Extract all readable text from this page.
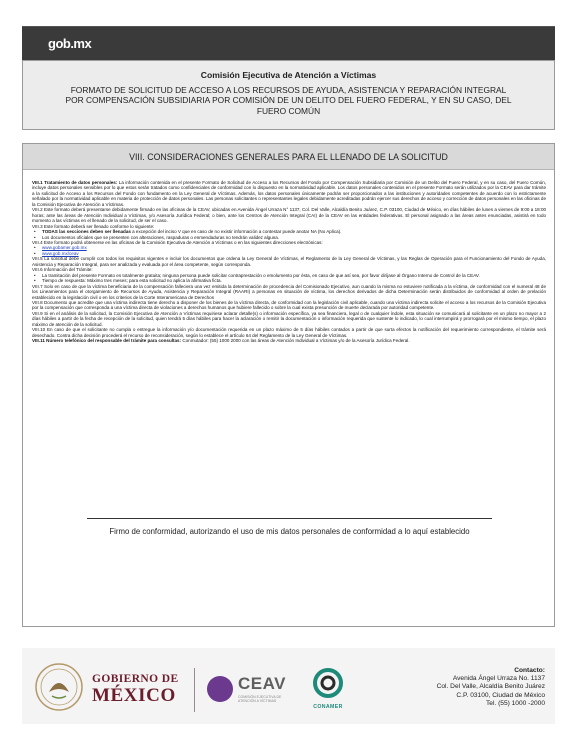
gob.mx
Comisión Ejecutiva de Atención a Víctimas
FORMATO DE SOLICITUD DE ACCESO A LOS RECURSOS DE AYUDA, ASISTENCIA Y REPARACIÓN INTEGRAL POR COMPENSACIÓN SUBSIDIARIA POR COMISIÓN DE UN DELITO DEL FUERO FEDERAL, Y EN SU CASO, DEL FUERO COMÚN
VIII. CONSIDERACIONES GENERALES PARA EL LLENADO DE LA SOLICITUD

VIII.1 Tratamiento de datos personales: La información contenida en el presente Formato de Solicitud de Acceso a los Recursos del Fondo por Compensación Subsidiaria por Comisión de un Delito del Fuero Federal, y en su caso, del Fuero Común, incluye datos personales sensibles por lo que estos serán tratados como confidenciales de conformidad con lo dispuesto en la normatividad aplicable. Los datos personales contenidos en el presente Formato serán utilizados por la CEAV para dar trámite a la solicitud de Acceso a los Recursos del Fondo con fundamento en la Ley General de Víctimas. Además, los datos personales únicamente podrán ser proporcionados a las instituciones y autoridades competentes de acuerdo con lo estrictamente señalado por la normatividad aplicable en materia de protección de datos personales. Las personas solicitantes o representantes legales debidamente acreditadas podrán ejercer sus derechos de acceso y corrección de datos personales en las oficinas de la Comisión Ejecutiva de Atención a Víctimas.

VIII.2 Este formato deberá presentarse debidamente firmado en las oficinas de la CEAV, ubicadas en Avenida Ángel Urraza N° 1137, Col. Del Valle, Alcaldía Benito Juárez, C.P. 03100, Ciudad de México, en días hábiles de lunes a viernes de 9:00 a 18:00 horas; ante las áreas de Atención Individual a Víctimas, y/o Asesoría Jurídica Federal; o bien, ante los Centros de Atención Integral (CAI) de la CEAV en las entidades federativas. El personal asignado a las áreas antes enunciadas, asistirá en todo momento a las víctimas en el llenado de la solicitud, de ser el caso.

VIII.3 Este formato deberá ser llenado conforme lo siguiente:

• TODAS las secciones deben ser llenadas a excepción del inciso V que en caso de no existir información a contestar puede anotar NA (No Aplica).

• Los documentos oficiales que se presenten con alteraciones, raspaduras o enmendaduras no tendrán validez alguna.

VIII.4 Este formato podrá obtenerse en las oficinas de la Comisión Ejecutiva de Atención a Víctimas o en las siguientes direcciones electrónicas:

• www.gobamer.gob.mx

• www.gob.mx/ceav

VIII.5 La solicitud debe cumplir con todos los requisitos vigentes e incluir los documentos que ordena la Ley General de Víctimas, el Reglamento de la Ley General de Víctimas, y las Reglas de Operación para el Funcionamiento del Fondo de Ayuda, Asistencia y Reparación Integral, para ser analizada y evaluada por el área competente, según corresponda.

VIII.6 Información del Trámite:

• La tramitación del presente Formato es totalmente gratuita; ninguna persona puede solicitar contraprestación o emolumento por ésta, en caso de que así sea, por favor diríjase al Órgano Interno de Control de la CEAV.

• Tiempo de respuesta: Máximo tres meses; para esta solicitud no aplica la afirmativa ficta.

VIII.7 Solo en caso de que la víctima beneficiaria de la compensación falleciera una vez emitida la determinación de procedencia del Comisionado Ejecutivo, aun cuando la misma no estuviere notificada a la víctima, de conformidad con el numeral 48 de los Lineamientos para el otorgamiento de Recursos de Ayuda, Asistencia y Reparación Integral (RAARI) a personas en situación de víctima, los derechos derivados de dicha Determinación serán distribuidos de conformidad al orden de prelación establecido en la legislación civil o en los criterios de la Corte Interamericana de Derechos

VIII.8 Documento que acredite que una víctima indirecta tiene derecho a disponer de los bienes de la víctima directa, de conformidad con la legislación civil aplicable, cuando una víctima indirecta solicite el acceso a los recursos de la Comisión Ejecutiva por la compensación que corresponda a una víctima directa de violaciones a derechos humanos que hubiere fallecido o sobre la cual exista presunción de muerte declarada por autoridad competente.

VIII.9 Si en el análisis de la solicitud, la Comisión Ejecutiva de Atención a Víctimas requiriese aclarar detalle(s) o información específica, ya sea financiera, legal o de cualquier índole, esta situación se comunicará al solicitante en un plazo no mayor a 2 días hábiles a partir de la fecha de recepción de la solicitud, quien tendrá 5 días hábiles para hacer la aclaración o remitir la documentación o información requerida que sustente lo indicado, lo cual interrumpirá y prorrogará por el mismo tiempo, el plazo máximo de atención de la solicitud.

VIII.10 En caso de que el solicitante no cumpla o entregue la información y/o documentación requerida en un plazo máximo de 5 días hábiles contados a partir de que surta efectos la notificación del requerimiento correspondiente, el trámite será desechado. Contra dicha decisión procederá el recurso de reconsideración, según lo establece el artículo 64 del Reglamento de la Ley General de Víctimas.

VIII.11 Número telefónico del responsable del trámite para consultas: Conmutador: (55) 1000 2000 con las áreas de Atención Individual a Víctimas y/o de la Asesoría Jurídica Federal.

Firmo de conformidad, autorizando el uso de mis datos personales de conformidad a lo aquí establecido
GOBIERNO DE
MÉXICO
CEAV
COMISIÓN EJECUTIVA DE ATENCIÓN A VÍCTIMAS
CONAMER
Contacto:
Avenida Ángel Urraza No. 1137
Col. Del Valle, Alcaldía Benito Juárez
C.P. 03100, Ciudad de México
Tel. (55) 1000 -2000
